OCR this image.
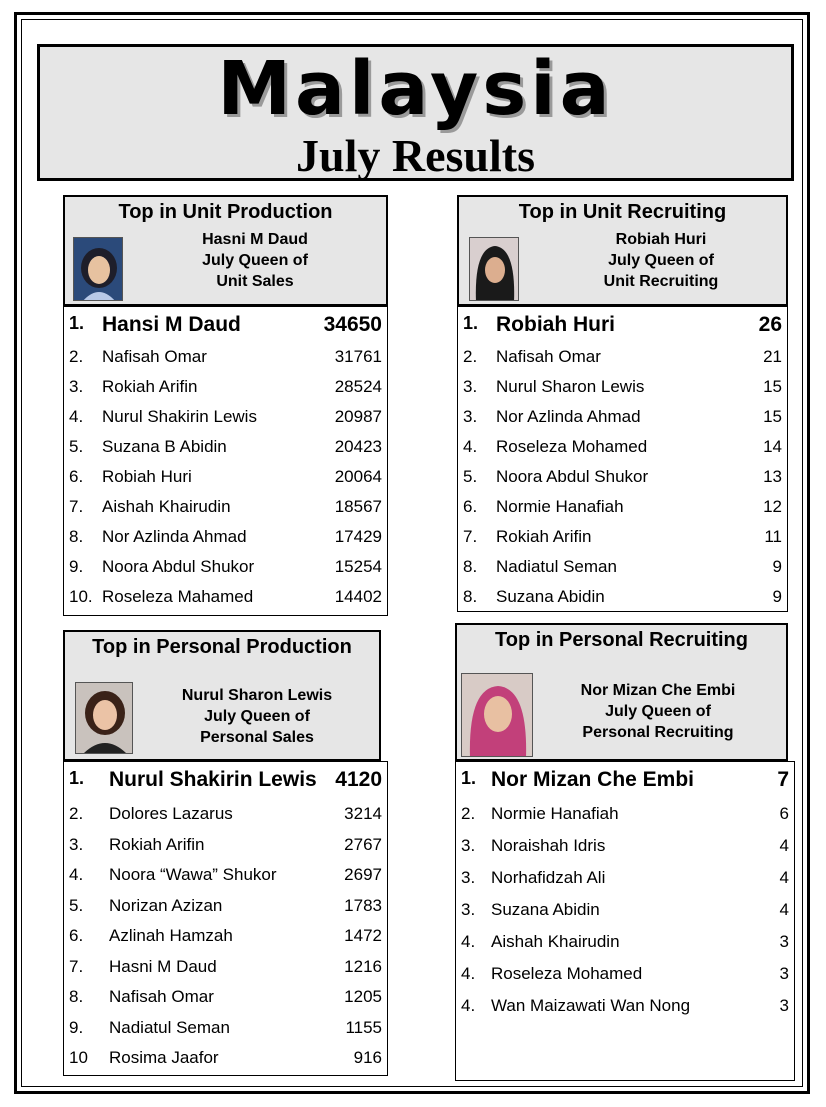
Malaysia
July Results
Top in Unit Production
Hasni M Daud
July Queen of
Unit Sales
1. Hansi M Daud	34650
2. Nafisah Omar	31761
3. Rokiah Arifin	28524
4. Nurul Shakirin Lewis	20987
5. Suzana B Abidin	20423
6. Robiah Huri	20064
7. Aishah Khairudin	18567
8. Nor Azlinda Ahmad	17429
9. Noora Abdul Shukor	15254
10. Roseleza Mahamed	14402
Top in Unit Recruiting
Robiah Huri
July Queen of
Unit Recruiting
1. Robiah Huri	26
2. Nafisah Omar	21
3. Nurul Sharon Lewis	15
3. Nor Azlinda Ahmad	15
4. Roseleza Mohamed	14
5. Noora Abdul Shukor	13
6. Normie Hanafiah	12
7. Rokiah Arifin	11
8. Nadiatul Seman	9
8. Suzana Abidin	9
Top in Personal Production
Nurul Sharon Lewis
July Queen of
Personal Sales
1. Nurul Shakirin Lewis 4120
2. Dolores Lazarus	3214
3. Rokiah Arifin	2767
4. Noora “Wawa” Shukor	2697
5. Norizan Azizan	1783
6. Azlinah Hamzah	1472
7. Hasni M Daud	1216
8. Nafisah Omar	1205
9. Nadiatul Seman	1155
10 Rosima Jaafor	916
Top in Personal Recruiting
Nor Mizan Che Embi
July Queen of
Personal Recruiting
1. Nor Mizan Che Embi	7
2. Normie Hanafiah	6
3. Noraishah Idris	4
3. Norhafidzah Ali	4
3. Suzana Abidin	4
4. Aishah Khairudin	3
4. Roseleza Mohamed	3
4. Wan Maizawati Wan Nong	3
